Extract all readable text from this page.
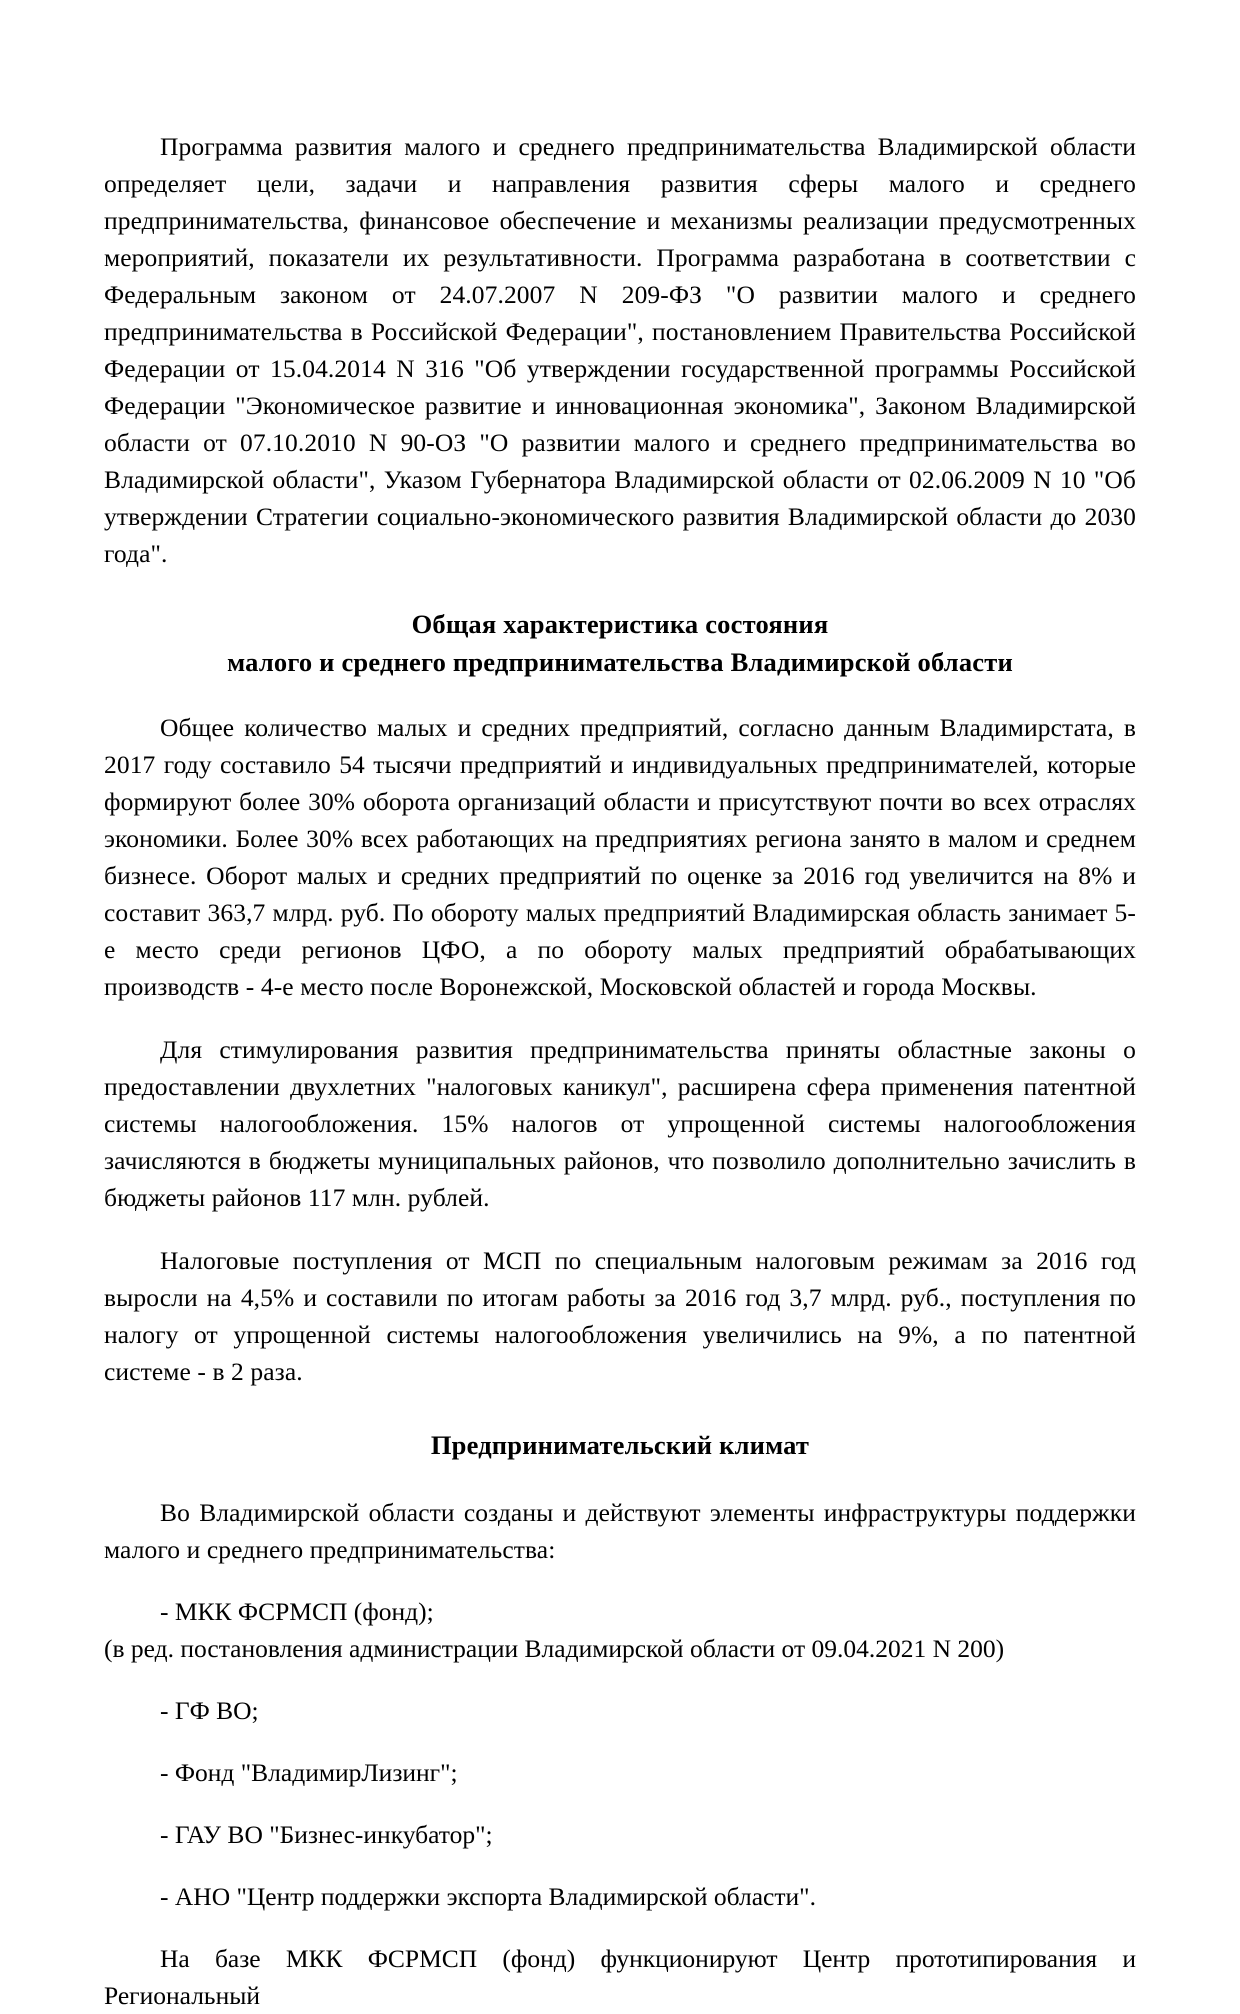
Программа развития малого и среднего предпринимательства Владимирской области определяет цели, задачи и направления развития сферы малого и среднего предпринимательства, финансовое обеспечение и механизмы реализации предусмотренных мероприятий, показатели их результативности. Программа разработана в соответствии с Федеральным законом от 24.07.2007 N 209-ФЗ "О развитии малого и среднего предпринимательства в Российской Федерации", постановлением Правительства Российской Федерации от 15.04.2014 N 316 "Об утверждении государственной программы Российской Федерации "Экономическое развитие и инновационная экономика", Законом Владимирской области от 07.10.2010 N 90-ОЗ "О развитии малого и среднего предпринимательства во Владимирской области", Указом Губернатора Владимирской области от 02.06.2009 N 10 "Об утверждении Стратегии социально-экономического развития Владимирской области до 2030 года".

Общая характеристика состояния
малого и среднего предпринимательства Владимирской области

Общее количество малых и средних предприятий, согласно данным Владимирстата, в 2017 году составило 54 тысячи предприятий и индивидуальных предпринимателей, которые формируют более 30% оборота организаций области и присутствуют почти во всех отраслях экономики. Более 30% всех работающих на предприятиях региона занято в малом и среднем бизнесе. Оборот малых и средних предприятий по оценке за 2016 год увеличится на 8% и составит 363,7 млрд. руб. По обороту малых предприятий Владимирская область занимает 5-е место среди регионов ЦФО, а по обороту малых предприятий обрабатывающих производств - 4-е место после Воронежской, Московской областей и города Москвы.

Для стимулирования развития предпринимательства приняты областные законы о предоставлении двухлетних "налоговых каникул", расширена сфера применения патентной системы налогообложения. 15% налогов от упрощенной системы налогообложения зачисляются в бюджеты муниципальных районов, что позволило дополнительно зачислить в бюджеты районов 117 млн. рублей.

Налоговые поступления от МСП по специальным налоговым режимам за 2016 год выросли на 4,5% и составили по итогам работы за 2016 год 3,7 млрд. руб., поступления по налогу от упрощенной системы налогообложения увеличились на 9%, а по патентной системе - в 2 раза.

Предпринимательский климат

Во Владимирской области созданы и действуют элементы инфраструктуры поддержки малого и среднего предпринимательства:

- МКК ФСРМСП (фонд);

(в ред. постановления администрации Владимирской области от 09.04.2021 N 200)

- ГФ ВО;

- Фонд "ВладимирЛизинг";

- ГАУ ВО "Бизнес-инкубатор";

- АНО "Центр поддержки экспорта Владимирской области".

На базе МКК ФСРМСП (фонд) функционируют Центр прототипирования и Региональный
